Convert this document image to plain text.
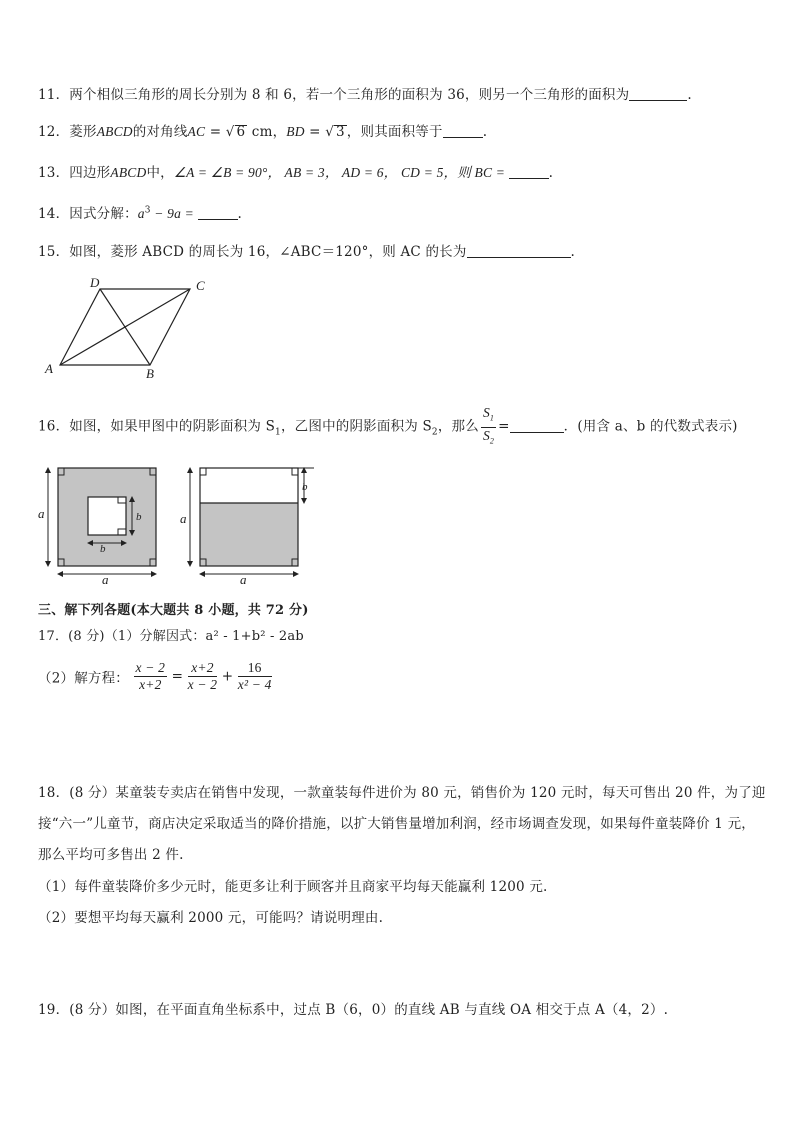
11．两个相似三角形的周长分别为 8 和 6，若一个三角形的面积为 36，则另一个三角形的面积为	.
12．菱形ABCD的对角线AC = √ 6 cm，BD = √ 3 ，则其面积等于	.
13．四边形ABCD中，∠A = ∠B = 90°， AB = 3， AD = 6， CD = 5，则 BC =	.
14．因式分解：$a^3 - 9a$ =	.
15．如图，菱形 ABCD 的周长为 16，∠ABC＝120°，则 AC 的长为	.
D	C
A	B
16．如图，如果甲图中的阴影面积为 $S_1$，乙图中的阴影面积为 $S_2$，那么 $\frac{S_1}{S_2}$ =	．(用含 a、b 的代数式表示)
a
a
b
b	a
a
b
三、解下列各题(本大题共 8 小题，共 72 分)
17．(8 分)（1）分解因式：a² - 1+b² - 2ab
（2）解方程： $\frac{x - 2}{x+2} = \frac{x+2}{x - 2} + \frac{16}{\text{x² − 4}}$
18．(8 分）某童装专卖店在销售中发现，一款童装每件进价为 80 元，销售价为 120 元时，每天可售出 20 件，为了迎
接“六一”儿童节，商店决定采取适当的降价措施，以扩大销售量增加利润，经市场调查发现，如果每件童装降价 1 元，
那么平均可多售出 2 件.
（1）每件童装降价多少元时，能更多让利于顾客并且商家平均每天能赢利 1200 元.
（2）要想平均每天赢利 2000 元，可能吗？请说明理由.
19．(8 分）如图，在平面直角坐标系中，过点 B（6，0）的直线 AB 与直线 OA 相交于点 A（4，2）.
